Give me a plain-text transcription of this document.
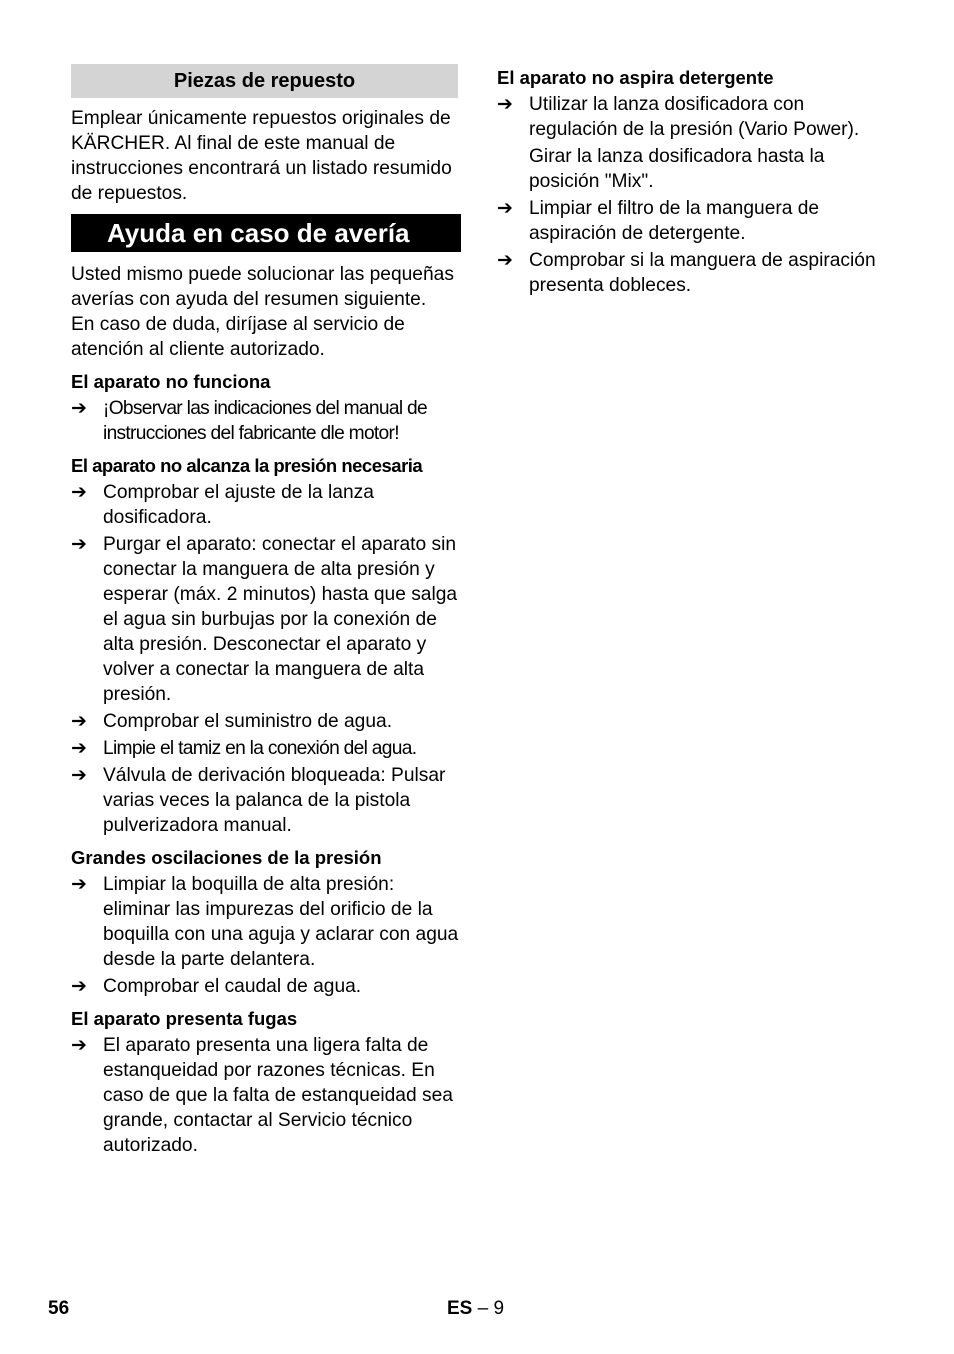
Piezas de repuesto

Emplear únicamente repuestos originales de KÄRCHER. Al final de este manual de instrucciones encontrará un listado resumido de repuestos.

Ayuda en caso de avería

Usted mismo puede solucionar las pequeñas averías con ayuda del resumen siguiente.

En caso de duda, diríjase al servicio de atención al cliente autorizado.

El aparato no funciona
➔ ¡Observar las indicaciones del manual de instrucciones del fabricante dle motor!
El aparato no alcanza la presión necesaria
➔ Comprobar el ajuste de la lanza dosificadora.
➔ Purgar el aparato: conectar el aparato sin conectar la manguera de alta presión y esperar (máx. 2 minutos) hasta que salga el agua sin burbujas por la conexión de alta presión. Desconectar el aparato y volver a conectar la manguera de alta presión.
➔ Comprobar el suministro de agua.
➔ Limpie el tamiz en la conexión del agua.
➔ Válvula de derivación bloqueada: Pulsar varias veces la palanca de la pistola pulverizadora manual.
Grandes oscilaciones de la presión
➔ Limpiar la boquilla de alta presión: eliminar las impurezas del orificio de la boquilla con una aguja y aclarar con agua desde la parte delantera.
➔ Comprobar el caudal de agua.
El aparato presenta fugas
➔ El aparato presenta una ligera falta de estanqueidad por razones técnicas. En caso de que la falta de estanqueidad sea grande, contactar al Servicio técnico autorizado.
El aparato no aspira detergente
➔ Utilizar la lanza dosificadora con regulación de la presión (Vario Power).
Girar la lanza dosificadora hasta la posición "Mix".
➔ Limpiar el filtro de la manguera de aspiración de detergente.
➔ Comprobar si la manguera de aspiración presenta dobleces.
56	ES – 9
